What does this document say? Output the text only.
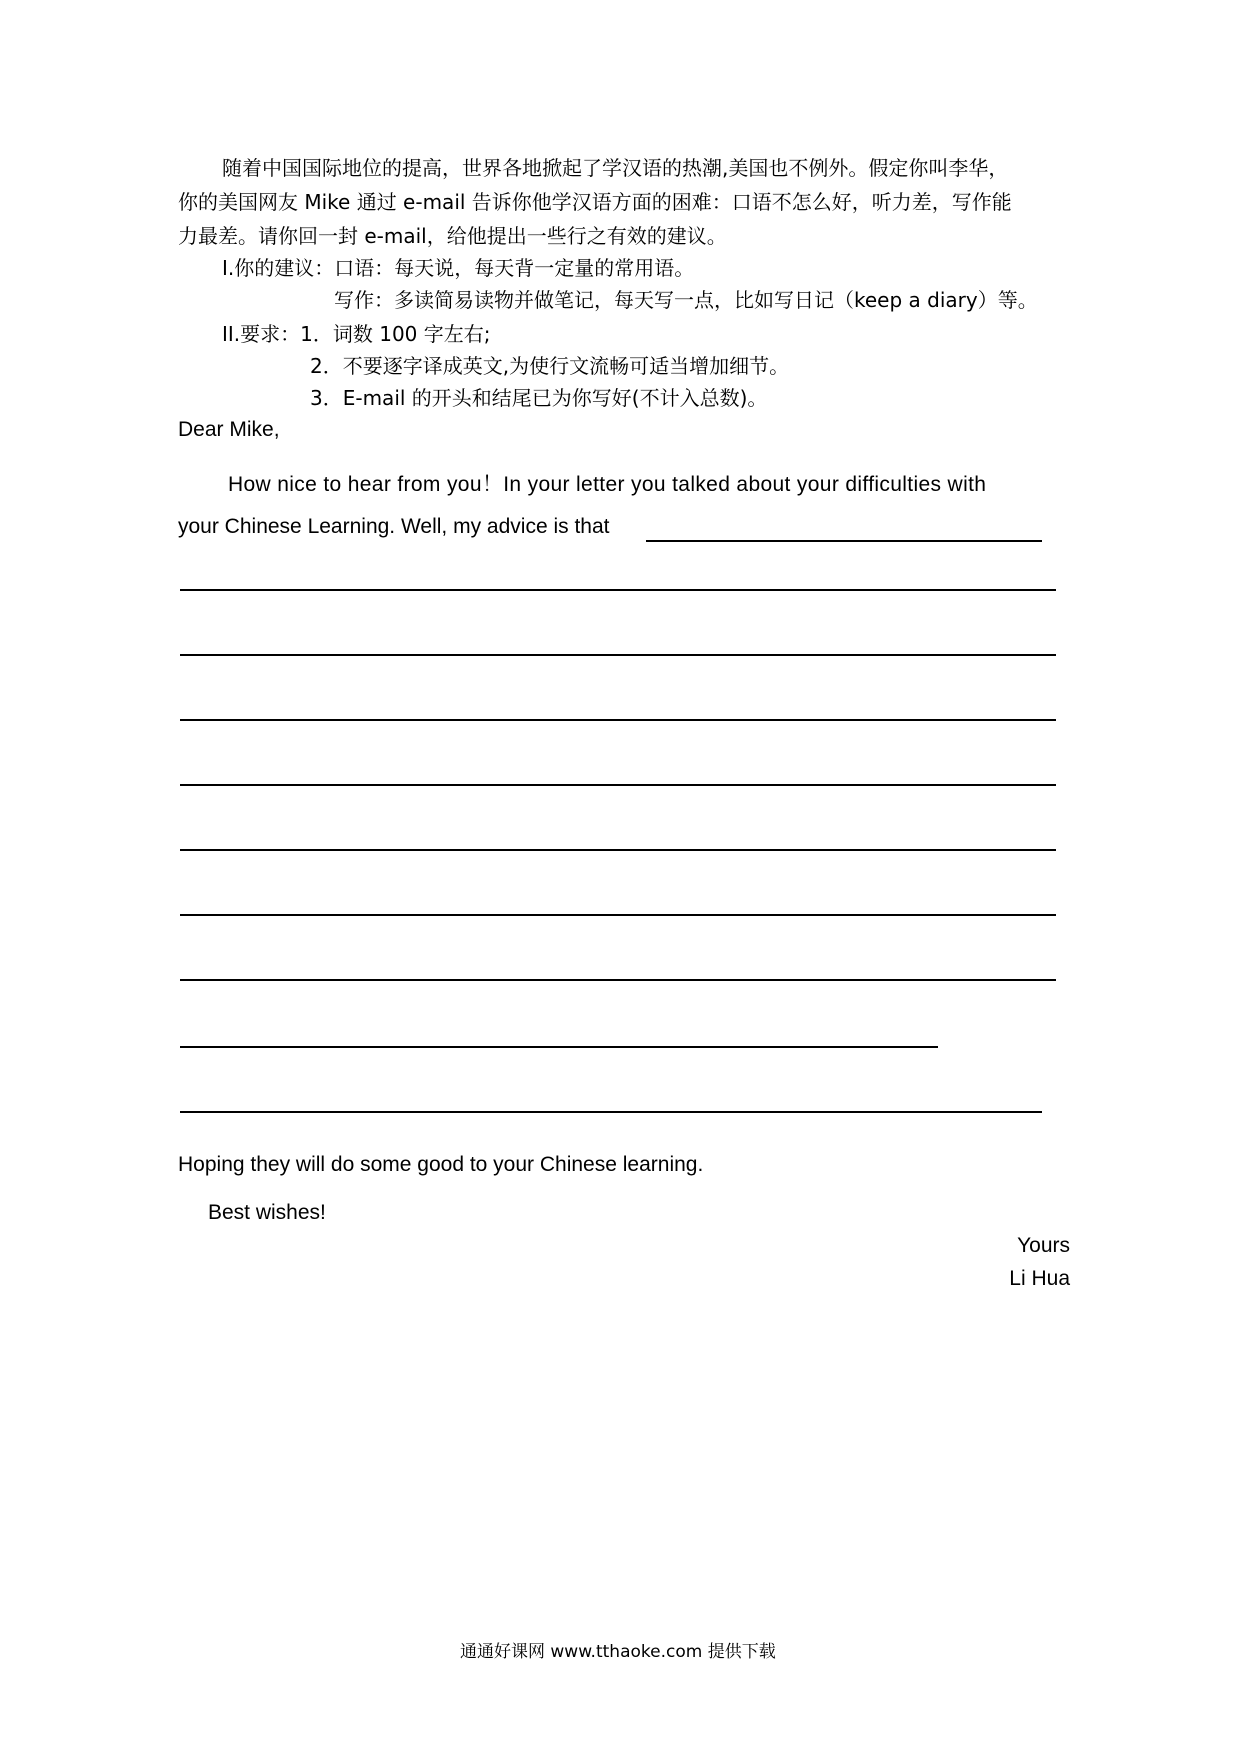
随着中国国际地位的提高，世界各地掀起了学汉语的热潮,美国也不例外。假定你叫李华，
你的美国网友 Mike 通过 e-mail 告诉你他学汉语方面的困难：口语不怎么好，听力差，写作能
力最差。请你回一封 e-mail，给他提出一些行之有效的建议。
I.你的建议：口语：每天说，每天背一定量的常用语。
写作：多读简易读物并做笔记，每天写一点，比如写日记（keep a diary）等。
II.要求：1．词数 100 字左右;
2．不要逐字译成英文,为使行文流畅可适当增加细节。
3．E-mail 的开头和结尾已为你写好(不计入总数)。
Dear Mike,
How nice to hear from you！In your letter you talked about your difficulties with
your Chinese Learning. Well, my advice is that
Hoping they will do some good to your Chinese learning.
Best wishes!
Yours
Li Hua
通通好课网 www.tthaoke.com 提供下载
